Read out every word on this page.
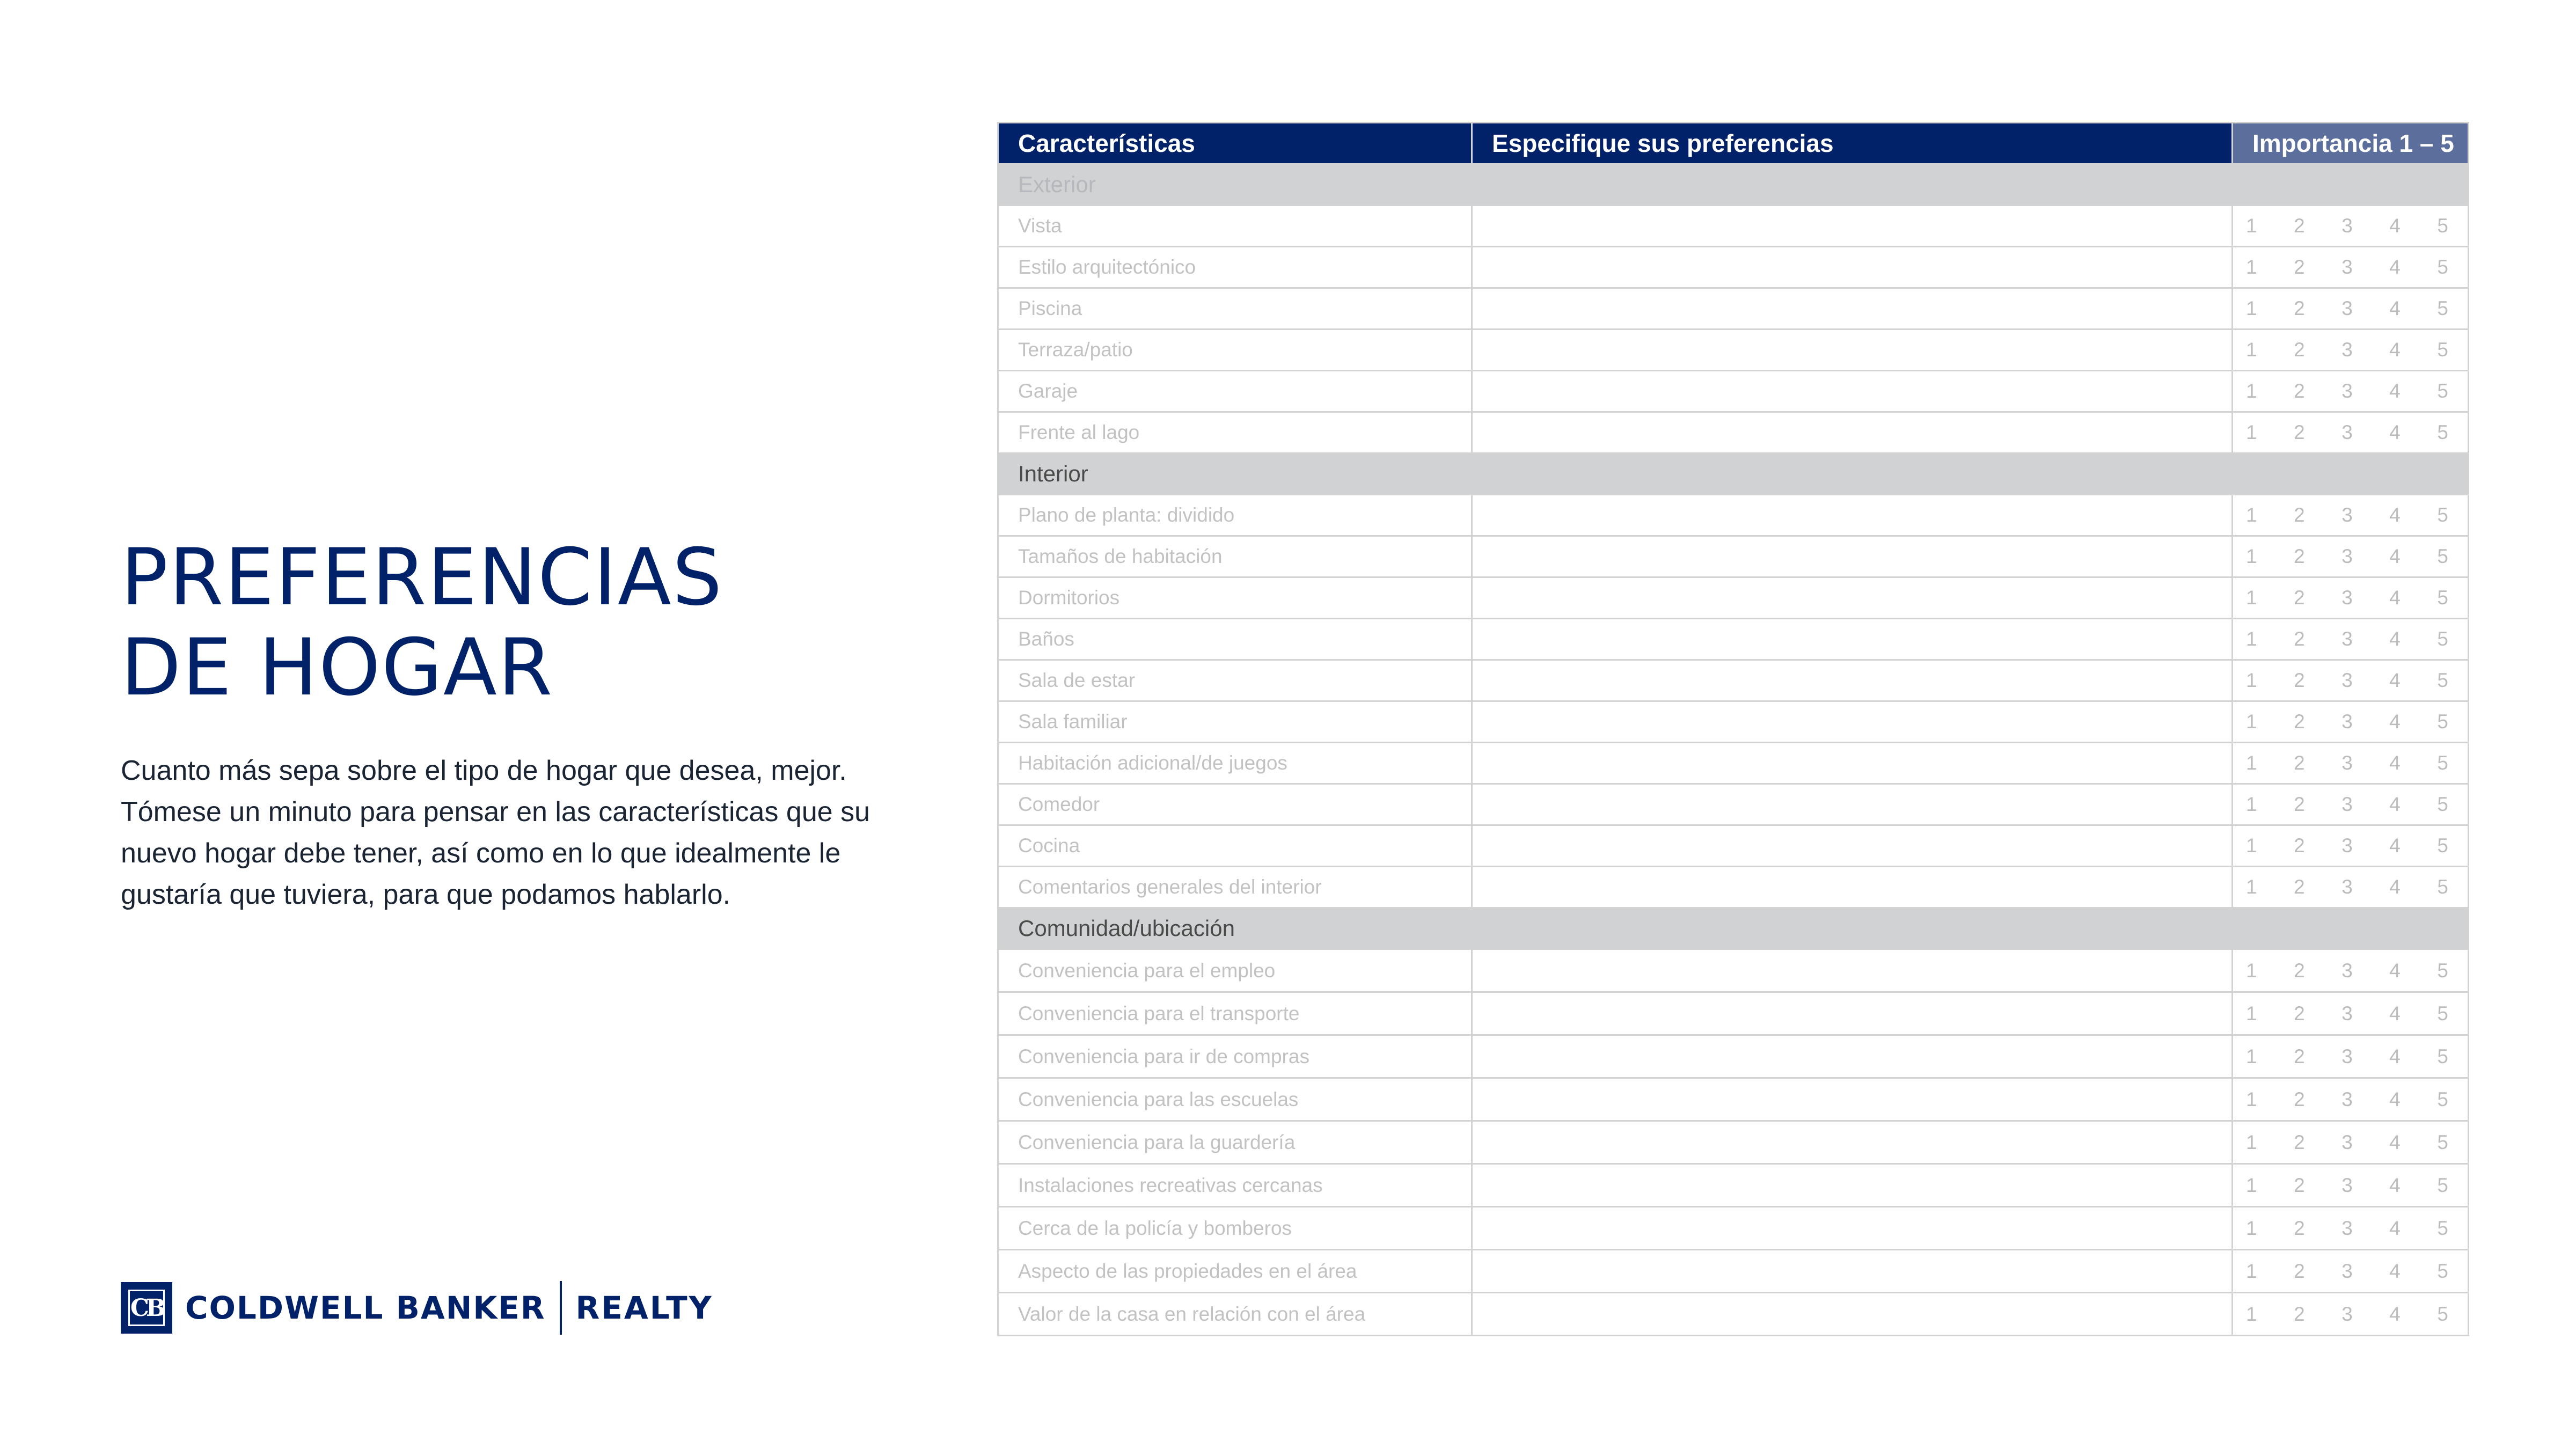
PREFERENCIAS
DE HOGAR

Cuanto más sepa sobre el tipo de hogar que desea, mejor. Tómese un minuto para pensar en las características que su nuevo hogar debe tener, así como en lo que idealmente le gustaría que tuviera, para que podamos hablarlo.

CB COLDWELL BANKER REALTY
Características	Especifique sus preferencias	Importancia 1 – 5
Exterior		
Vista		1 2 3 4 5

Estilo arquitectónico		1 2 3 4 5

Piscina		1 2 3 4 5

Terraza/patio		1 2 3 4 5

Garaje		1 2 3 4 5

Frente al lago		1 2 3 4 5

Interior		
Plano de planta: dividido		1 2 3 4 5

Tamaños de habitación		1 2 3 4 5

Dormitorios		1 2 3 4 5

Baños		1 2 3 4 5

Sala de estar		1 2 3 4 5

Sala familiar		1 2 3 4 5

Habitación adicional/de juegos		1 2 3 4 5

Comedor		1 2 3 4 5

Cocina		1 2 3 4 5

Comentarios generales del interior		1 2 3 4 5

Comunidad/ubicación		
Conveniencia para el empleo		1 2 3 4 5

Conveniencia para el transporte		1 2 3 4 5

Conveniencia para ir de compras		1 2 3 4 5

Conveniencia para las escuelas		1 2 3 4 5

Conveniencia para la guardería		1 2 3 4 5

Instalaciones recreativas cercanas		1 2 3 4 5

Cerca de la policía y bomberos		1 2 3 4 5

Aspecto de las propiedades en el área		1 2 3 4 5

Valor de la casa en relación con el área		1 2 3 4 5
